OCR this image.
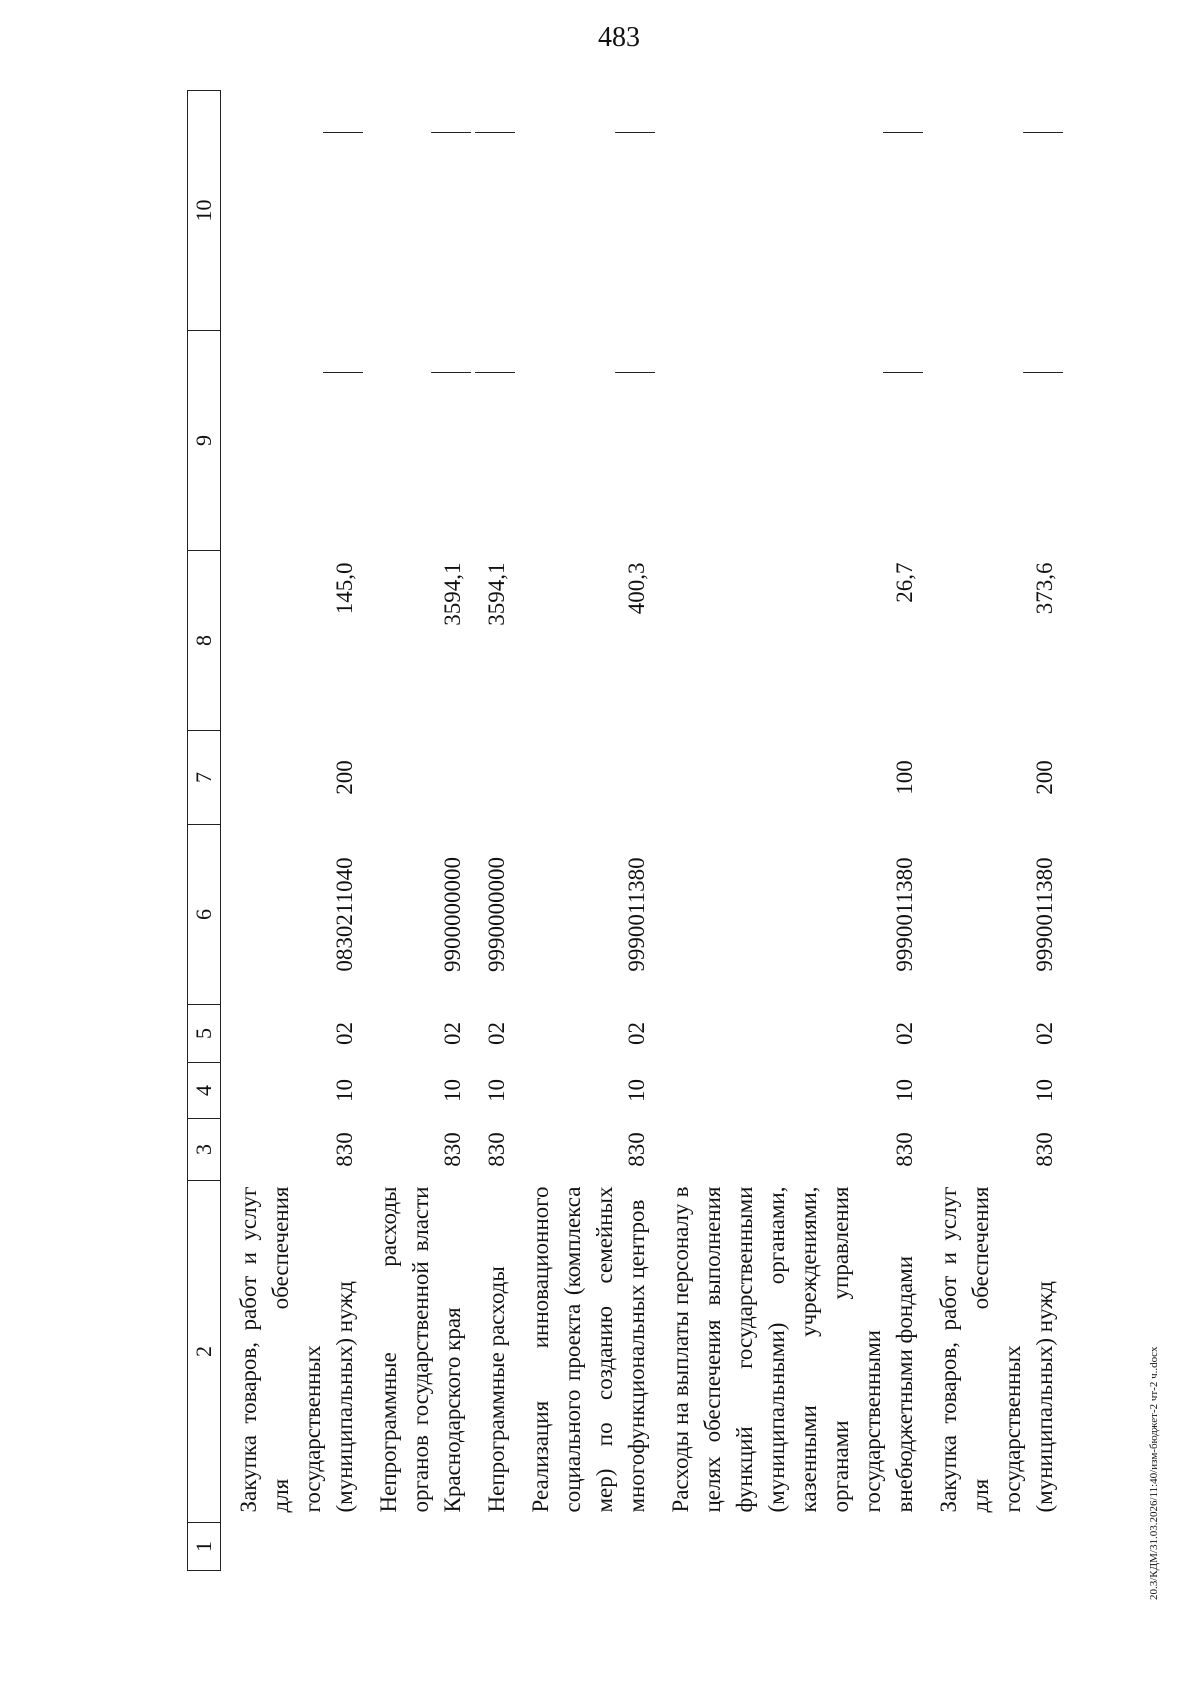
483
1	2	3	4	5	6	7	8	9	10
	Закупка товаров, работ и услуг для обеспечения государственных (муниципальных) нужд	830	10	02	0830211040	200	145,0		
	Непрограммные расходы органов государственной власти Краснодарского края	830	10	02	9900000000		3594,1		
	Непрограммные расходы	830	10	02	9990000000		3594,1		
	Реализация инновационного социального проекта (комплекса мер) по созданию семейных многофункциональных центров	830	10	02	9990011380		400,3		
	Расходы на выплаты персоналу в целях обеспечения выполнения функций государственными (муниципальными) органами, казенными учреждениями, органами управления государственными внебюджетными фондами	830	10	02	9990011380	100	26,7		
	Закупка товаров, работ и услуг для обеспечения государственных (муниципальных) нужд	830	10	02	9990011380	200	373,6		
20.3/КДМ/31.03.2026/11:40/изм-бюджет-2 чт-2 ч..docx
